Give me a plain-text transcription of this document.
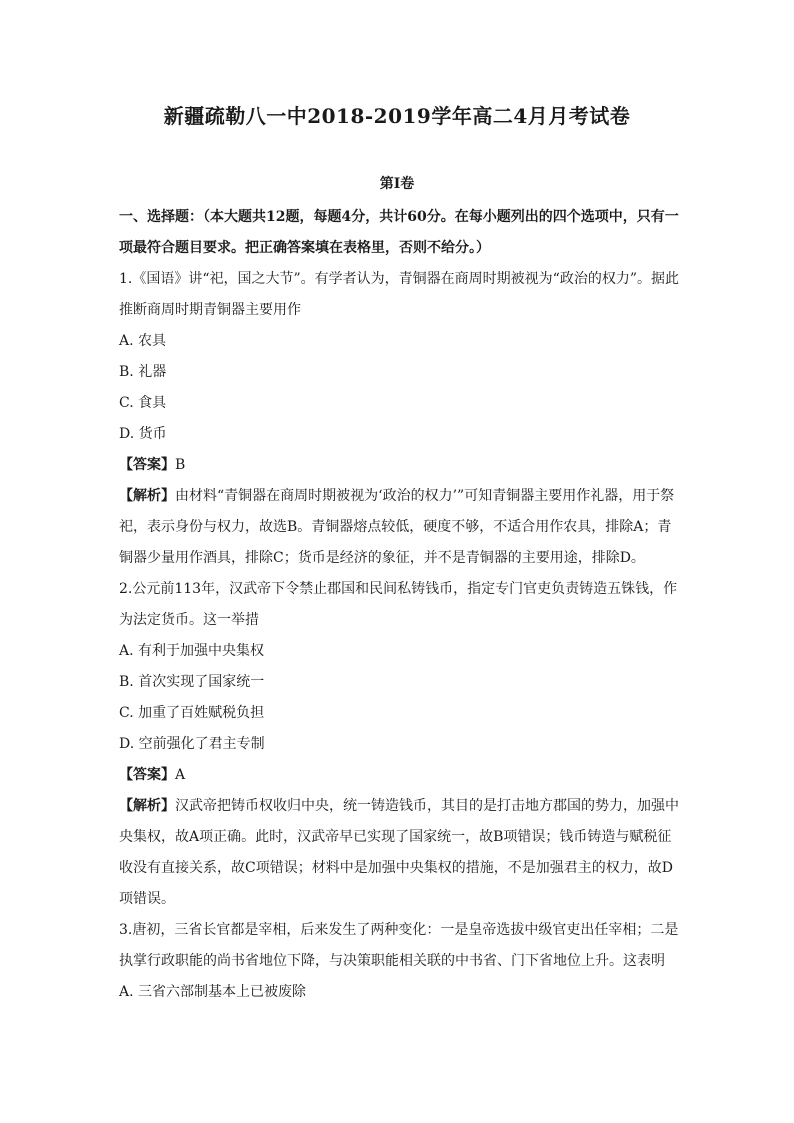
新疆疏勒八一中2018-2019学年高二4月月考试卷
第Ⅰ卷

一、选择题：（本大题共12题，每题4分，共计60分。在每小题列出的四个选项中，只有一项最符合题目要求。把正确答案填在表格里，否则不给分。）

1.《国语》讲“祀，国之大节”。有学者认为，青铜器在商周时期被视为“政治的权力”。据此推断商周时期青铜器主要用作

A. 农具

B. 礼器

C. 食具

D. 货币

【答案】B

【解析】由材料“青铜器在商周时期被视为‘政治的权力’”可知青铜器主要用作礼器，用于祭祀，表示身份与权力，故选B。青铜器熔点较低，硬度不够，不适合用作农具，排除A；青铜器少量用作酒具，排除C；货币是经济的象征，并不是青铜器的主要用途，排除D。

2.公元前113年，汉武帝下令禁止郡国和民间私铸钱币，指定专门官吏负责铸造五铢钱，作为法定货币。这一举措

A. 有利于加强中央集权

B. 首次实现了国家统一

C. 加重了百姓赋税负担

D. 空前强化了君主专制

【答案】A

【解析】汉武帝把铸币权收归中央，统一铸造钱币，其目的是打击地方郡国的势力，加强中央集权，故A项正确。此时，汉武帝早已实现了国家统一，故B项错误；钱币铸造与赋税征收没有直接关系，故C项错误；材料中是加强中央集权的措施，不是加强君主的权力，故D项错误。

3.唐初，三省长官都是宰相，后来发生了两种变化：一是皇帝选拔中级官吏出任宰相；二是执掌行政职能的尚书省地位下降，与决策职能相关联的中书省、门下省地位上升。这表明

A. 三省六部制基本上已被废除
